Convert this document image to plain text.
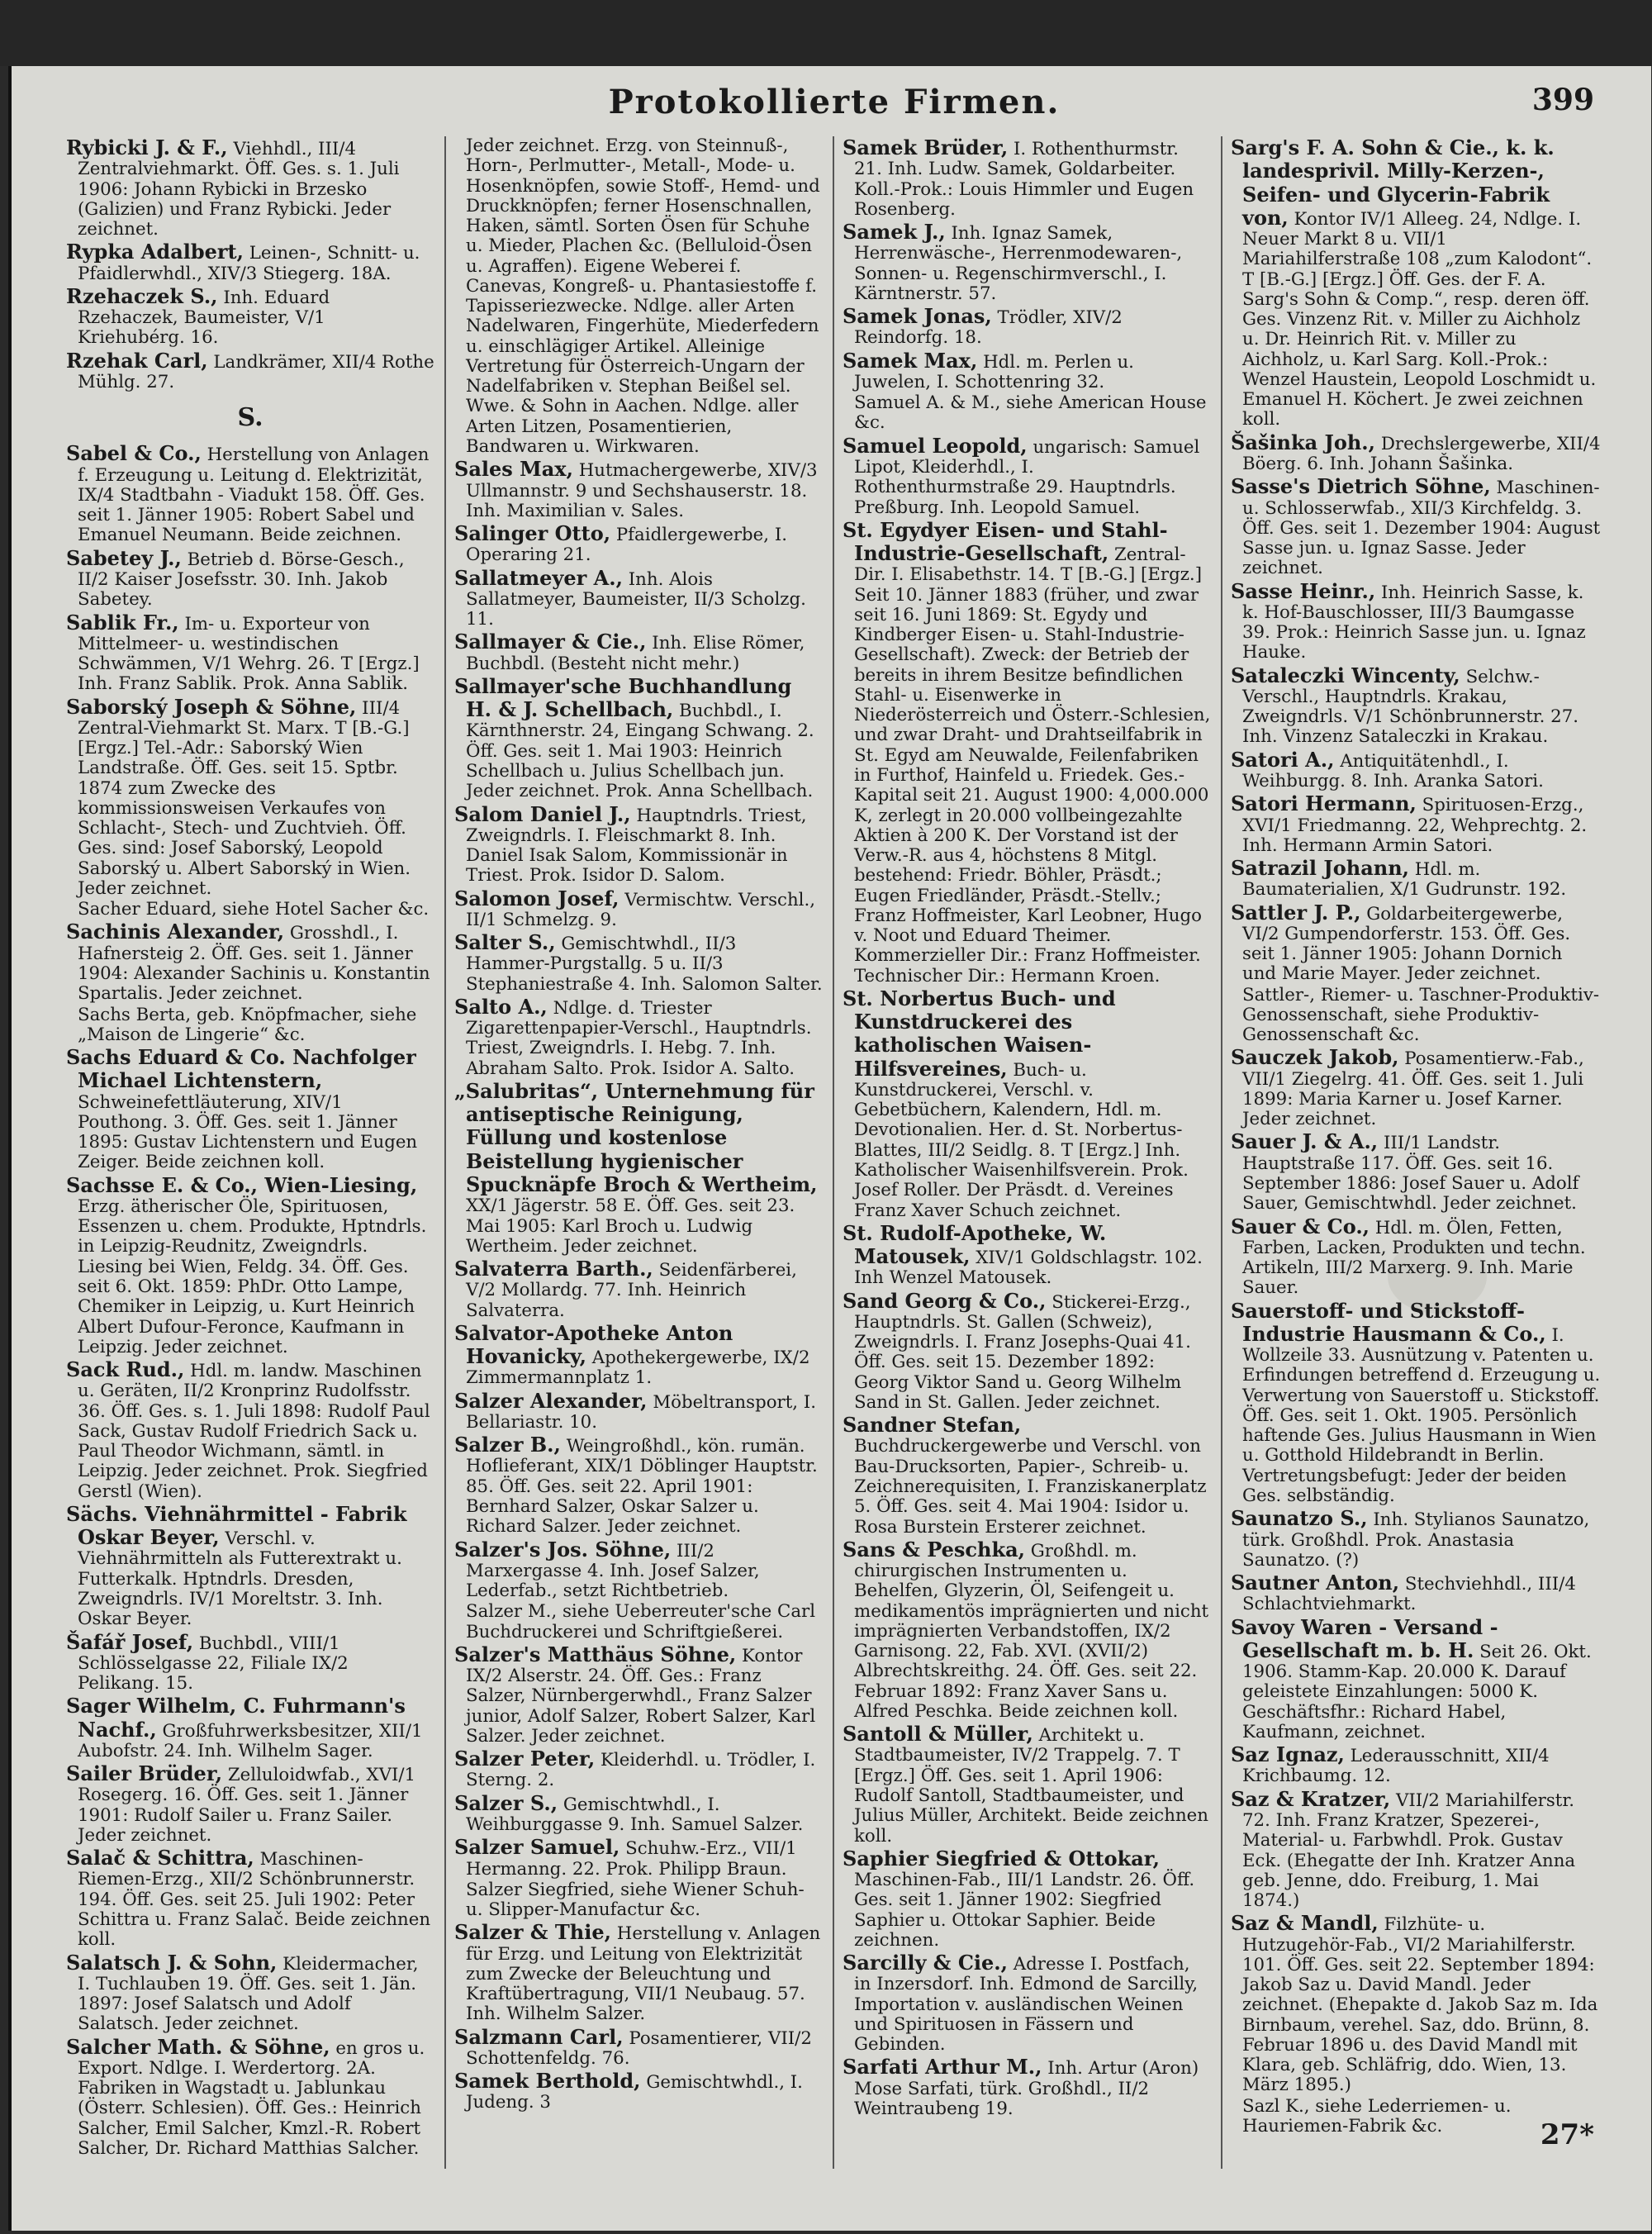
Protokollierte Firmen.	399
Rybicki J. & F., Viehhdl., III/4 Zentralviehmarkt. Öff. Ges. s. 1. Juli 1906: Johann Rybicki in Brzesko (Galizien) und Franz Rybicki. Jeder zeichnet.
Rypka Adalbert, Leinen-, Schnitt- u. Pfaidlerwhdl., XIV/3 Stiegerg. 18A.
Rzehaczek S., Inh. Eduard Rzehaczek, Baumeister, V/1 Kriehubérg. 16.
Rzehak Carl, Landkrämer, XII/4 Rothe Mühlg. 27.
S.
Sabel & Co., Herstellung von Anlagen f. Erzeugung u. Leitung d. Elektrizität, IX/4 Stadtbahn - Viadukt 158. Öff. Ges. seit 1. Jänner 1905: Robert Sabel und Emanuel Neumann. Beide zeichnen.
Sabetey J., Betrieb d. Börse-Gesch., II/2 Kaiser Josefsstr. 30. Inh. Jakob Sabetey.
Sablik Fr., Im- u. Exporteur von Mittelmeer- u. westindischen Schwämmen, V/1 Wehrg. 26. T [Ergz.] Inh. Franz Sablik. Prok. Anna Sablik.
Saborský Joseph & Söhne, III/4 Zentral-Viehmarkt St. Marx. T [B.-G.] [Ergz.] Tel.-Adr.: Saborský Wien Landstraße. Öff. Ges. seit 15. Sptbr. 1874 zum Zwecke des kommissionsweisen Verkaufes von Schlacht-, Stech- und Zuchtvieh. Öff. Ges. sind: Josef Saborský, Leopold Saborský u. Albert Saborský in Wien. Jeder zeichnet.
Sacher Eduard, siehe Hotel Sacher &c.
Sachinis Alexander, Grosshdl., I. Hafnersteig 2. Öff. Ges. seit 1. Jänner 1904: Alexander Sachinis u. Konstantin Spartalis. Jeder zeichnet.
Sachs Berta, geb. Knöpfmacher, siehe „Maison de Lingerie“ &c.
Sachs Eduard & Co. Nachfolger Michael Lichtenstern, Schweinefettläuterung, XIV/1 Pouthong. 3. Öff. Ges. seit 1. Jänner 1895: Gustav Lichtenstern und Eugen Zeiger. Beide zeichnen koll.
Sachsse E. & Co., Wien-Liesing, Erzg. ätherischer Öle, Spirituosen, Essenzen u. chem. Produkte, Hptndrls. in Leipzig-Reudnitz, Zweigndrls. Liesing bei Wien, Feldg. 34. Öff. Ges. seit 6. Okt. 1859: PhDr. Otto Lampe, Chemiker in Leipzig, u. Kurt Heinrich Albert Dufour-Feronce, Kaufmann in Leipzig. Jeder zeichnet.
Sack Rud., Hdl. m. landw. Maschinen u. Geräten, II/2 Kronprinz Rudolfsstr. 36. Öff. Ges. s. 1. Juli 1898: Rudolf Paul Sack, Gustav Rudolf Friedrich Sack u. Paul Theodor Wichmann, sämtl. in Leipzig. Jeder zeichnet. Prok. Siegfried Gerstl (Wien).
Sächs. Viehnährmittel - Fabrik Oskar Beyer, Verschl. v. Viehnährmitteln als Futterextrakt u. Futterkalk. Hptndrls. Dresden, Zweigndrls. IV/1 Moreltstr. 3. Inh. Oskar Beyer.
Šafář Josef, Buchbdl., VIII/1 Schlösselgasse 22, Filiale IX/2 Pelikang. 15.
Sager Wilhelm, C. Fuhrmann's Nachf., Großfuhrwerksbesitzer, XII/1 Aubofstr. 24. Inh. Wilhelm Sager.
Sailer Brüder, Zelluloidwfab., XVI/1 Rosegerg. 16. Öff. Ges. seit 1. Jänner 1901: Rudolf Sailer u. Franz Sailer. Jeder zeichnet.
Salač & Schittra, Maschinen-Riemen-Erzg., XII/2 Schönbrunnerstr. 194. Öff. Ges. seit 25. Juli 1902: Peter Schittra u. Franz Salač. Beide zeichnen koll.
Salatsch J. & Sohn, Kleidermacher, I. Tuchlauben 19. Öff. Ges. seit 1. Jän. 1897: Josef Salatsch und Adolf Salatsch. Jeder zeichnet.
Salcher Math. & Söhne, en gros u. Export. Ndlge. I. Werdertorg. 2A. Fabriken in Wagstadt u. Jablunkau (Österr. Schlesien). Öff. Ges.: Heinrich Salcher, Emil Salcher, Kmzl.-R. Robert Salcher, Dr. Richard Matthias Salcher.
Jeder zeichnet. Erzg. von Steinnuß-, Horn-, Perlmutter-, Metall-, Mode- u. Hosenknöpfen, sowie Stoff-, Hemd- und Druckknöpfen; ferner Hosenschnallen, Haken, sämtl. Sorten Ösen für Schuhe u. Mieder, Plachen &c. (Belluloid-Ösen u. Agraffen). Eigene Weberei f. Canevas, Kongreß- u. Phantasiestoffe f. Tapisseriezwecke. Ndlge. aller Arten Nadelwaren, Fingerhüte, Miederfedern u. einschlägiger Artikel. Alleinige Vertretung für Österreich-Ungarn der Nadelfabriken v. Stephan Beißel sel. Wwe. & Sohn in Aachen. Ndlge. aller Arten Litzen, Posamentierien, Bandwaren u. Wirkwaren.
Sales Max, Hutmachergewerbe, XIV/3 Ullmannstr. 9 und Sechshauserstr. 18. Inh. Maximilian v. Sales.
Salinger Otto, Pfaidlergewerbe, I. Operaring 21.
Sallatmeyer A., Inh. Alois Sallatmeyer, Baumeister, II/3 Scholzg. 11.
Sallmayer & Cie., Inh. Elise Römer, Buchbdl. (Besteht nicht mehr.)
Sallmayer'sche Buchhandlung H. & J. Schellbach, Buchbdl., I. Kärnthnerstr. 24, Eingang Schwang. 2. Öff. Ges. seit 1. Mai 1903: Heinrich Schellbach u. Julius Schellbach jun. Jeder zeichnet. Prok. Anna Schellbach.
Salom Daniel J., Hauptndrls. Triest, Zweigndrls. I. Fleischmarkt 8. Inh. Daniel Isak Salom, Kommissionär in Triest. Prok. Isidor D. Salom.
Salomon Josef, Vermischtw. Verschl., II/1 Schmelzg. 9.
Salter S., Gemischtwhdl., II/3 Hammer-Purgstallg. 5 u. II/3 Stephaniestraße 4. Inh. Salomon Salter.
Salto A., Ndlge. d. Triester Zigarettenpapier-Verschl., Hauptndrls. Triest, Zweigndrls. I. Hebg. 7. Inh. Abraham Salto. Prok. Isidor A. Salto.
„Salubritas“, Unternehmung für antiseptische Reinigung, Füllung und kostenlose Beistellung hygienischer Spucknäpfe Broch & Wertheim, XX/1 Jägerstr. 58 E. Öff. Ges. seit 23. Mai 1905: Karl Broch u. Ludwig Wertheim. Jeder zeichnet.
Salvaterra Barth., Seidenfärberei, V/2 Mollardg. 77. Inh. Heinrich Salvaterra.
Salvator-Apotheke Anton Hovanicky, Apothekergewerbe, IX/2 Zimmermannplatz 1.
Salzer Alexander, Möbeltransport, I. Bellariastr. 10.
Salzer B., Weingroßhdl., kön. rumän. Hoflieferant, XIX/1 Döblinger Hauptstr. 85. Öff. Ges. seit 22. April 1901: Bernhard Salzer, Oskar Salzer u. Richard Salzer. Jeder zeichnet.
Salzer's Jos. Söhne, III/2 Marxergasse 4. Inh. Josef Salzer, Lederfab., setzt Richtbetrieb.
Salzer M., siehe Ueberreuter'sche Carl Buchdruckerei und Schriftgießerei.
Salzer's Matthäus Söhne, Kontor IX/2 Alserstr. 24. Öff. Ges.: Franz Salzer, Nürnbergerwhdl., Franz Salzer junior, Adolf Salzer, Robert Salzer, Karl Salzer. Jeder zeichnet.
Salzer Peter, Kleiderhdl. u. Trödler, I. Sterng. 2.
Salzer S., Gemischtwhdl., I. Weihburggasse 9. Inh. Samuel Salzer.
Salzer Samuel, Schuhw.-Erz., VII/1 Hermanng. 22. Prok. Philipp Braun.
Salzer Siegfried, siehe Wiener Schuh- u. Slipper-Manufactur &c.
Salzer & Thie, Herstellung v. Anlagen für Erzg. und Leitung von Elektrizität zum Zwecke der Beleuchtung und Kraftübertragung, VII/1 Neubaug. 57. Inh. Wilhelm Salzer.
Salzmann Carl, Posamentierer, VII/2 Schottenfeldg. 76.
Samek Berthold, Gemischtwhdl., I. Judeng. 3
Samek Brüder, I. Rothenthurmstr. 21. Inh. Ludw. Samek, Goldarbeiter. Koll.-Prok.: Louis Himmler und Eugen Rosenberg.
Samek J., Inh. Ignaz Samek, Herrenwäsche-, Herrenmodewaren-, Sonnen- u. Regenschirmverschl., I. Kärntnerstr. 57.
Samek Jonas, Trödler, XIV/2 Reindorfg. 18.
Samek Max, Hdl. m. Perlen u. Juwelen, I. Schottenring 32.
Samuel A. & M., siehe American House &c.
Samuel Leopold, ungarisch: Samuel Lipot, Kleiderhdl., I. Rothenthurmstraße 29. Hauptndrls. Preßburg. Inh. Leopold Samuel.
St. Egydyer Eisen- und Stahl-Industrie-Gesellschaft, Zentral-Dir. I. Elisabethstr. 14. T [B.-G.] [Ergz.] Seit 10. Jänner 1883 (früher, und zwar seit 16. Juni 1869: St. Egydy und Kindberger Eisen- u. Stahl-Industrie-Gesellschaft). Zweck: der Betrieb der bereits in ihrem Besitze befindlichen Stahl- u. Eisenwerke in Niederösterreich und Österr.-Schlesien, und zwar Draht- und Drahtseilfabrik in St. Egyd am Neuwalde, Feilenfabriken in Furthof, Hainfeld u. Friedek. Ges.-Kapital seit 21. August 1900: 4,000.000 K, zerlegt in 20.000 vollbeingezahlte Aktien à 200 K. Der Vorstand ist der Verw.-R. aus 4, höchstens 8 Mitgl. bestehend: Friedr. Böhler, Präsdt.; Eugen Friedländer, Präsdt.-Stellv.; Franz Hoffmeister, Karl Leobner, Hugo v. Noot und Eduard Theimer. Kommerzieller Dir.: Franz Hoffmeister. Technischer Dir.: Hermann Kroen.
St. Norbertus Buch- und Kunstdruckerei des katholischen Waisen-Hilfsvereines, Buch- u. Kunstdruckerei, Verschl. v. Gebetbüchern, Kalendern, Hdl. m. Devotionalien. Her. d. St. Norbertus-Blattes, III/2 Seidlg. 8. T [Ergz.] Inh. Katholischer Waisenhilfsverein. Prok. Josef Roller. Der Präsdt. d. Vereines Franz Xaver Schuch zeichnet.
St. Rudolf-Apotheke, W. Matousek, XIV/1 Goldschlagstr. 102. Inh Wenzel Matousek.
Sand Georg & Co., Stickerei-Erzg., Hauptndrls. St. Gallen (Schweiz), Zweigndrls. I. Franz Josephs-Quai 41. Öff. Ges. seit 15. Dezember 1892: Georg Viktor Sand u. Georg Wilhelm Sand in St. Gallen. Jeder zeichnet.
Sandner Stefan, Buchdruckergewerbe und Verschl. von Bau-Drucksorten, Papier-, Schreib- u. Zeichnerequisiten, I. Franziskanerplatz 5. Öff. Ges. seit 4. Mai 1904: Isidor u. Rosa Burstein Ersterer zeichnet.
Sans & Peschka, Großhdl. m. chirurgischen Instrumenten u. Behelfen, Glyzerin, Öl, Seifengeit u. medikamentös imprägnierten und nicht imprägnierten Verbandstoffen, IX/2 Garnisong. 22, Fab. XVI. (XVII/2) Albrechtskreithg. 24. Öff. Ges. seit 22. Februar 1892: Franz Xaver Sans u. Alfred Peschka. Beide zeichnen koll.
Santoll & Müller, Architekt u. Stadtbaumeister, IV/2 Trappelg. 7. T [Ergz.] Öff. Ges. seit 1. April 1906: Rudolf Santoll, Stadtbaumeister, und Julius Müller, Architekt. Beide zeichnen koll.
Saphier Siegfried & Ottokar, Maschinen-Fab., III/1 Landstr. 26. Öff. Ges. seit 1. Jänner 1902: Siegfried Saphier u. Ottokar Saphier. Beide zeichnen.
Sarcilly & Cie., Adresse I. Postfach, in Inzersdorf. Inh. Edmond de Sarcilly, Importation v. ausländischen Weinen und Spirituosen in Fässern und Gebinden.
Sarfati Arthur M., Inh. Artur (Aron) Mose Sarfati, türk. Großhdl., II/2 Weintraubeng 19.
Sarg's F. A. Sohn & Cie., k. k. landesprivil. Milly-Kerzen-, Seifen- und Glycerin-Fabrik von, Kontor IV/1 Alleeg. 24, Ndlge. I. Neuer Markt 8 u. VII/1 Mariahilferstraße 108 „zum Kalodont“. T [B.-G.] [Ergz.] Öff. Ges. der F. A. Sarg's Sohn & Comp.“, resp. deren öff. Ges. Vinzenz Rit. v. Miller zu Aichholz u. Dr. Heinrich Rit. v. Miller zu Aichholz, u. Karl Sarg. Koll.-Prok.: Wenzel Haustein, Leopold Loschmidt u. Emanuel H. Köchert. Je zwei zeichnen koll.
Šašinka Joh., Drechslergewerbe, XII/4 Böerg. 6. Inh. Johann Šašinka.
Sasse's Dietrich Söhne, Maschinen- u. Schlosserwfab., XII/3 Kirchfeldg. 3. Öff. Ges. seit 1. Dezember 1904: August Sasse jun. u. Ignaz Sasse. Jeder zeichnet.
Sasse Heinr., Inh. Heinrich Sasse, k. k. Hof-Bauschlosser, III/3 Baumgasse 39. Prok.: Heinrich Sasse jun. u. Ignaz Hauke.
Sataleczki Wincenty, Selchw.-Verschl., Hauptndrls. Krakau, Zweigndrls. V/1 Schönbrunnerstr. 27. Inh. Vinzenz Sataleczki in Krakau.
Satori A., Antiquitätenhdl., I. Weihburgg. 8. Inh. Aranka Satori.
Satori Hermann, Spirituosen-Erzg., XVI/1 Friedmanng. 22, Wehprechtg. 2. Inh. Hermann Armin Satori.
Satrazil Johann, Hdl. m. Baumaterialien, X/1 Gudrunstr. 192.
Sattler J. P., Goldarbeitergewerbe, VI/2 Gumpendorferstr. 153. Öff. Ges. seit 1. Jänner 1905: Johann Dornich und Marie Mayer. Jeder zeichnet.
Sattler-, Riemer- u. Taschner-Produktiv-Genossenschaft, siehe Produktiv-Genossenschaft &c.
Sauczek Jakob, Posamentierw.-Fab., VII/1 Ziegelrg. 41. Öff. Ges. seit 1. Juli 1899: Maria Karner u. Josef Karner. Jeder zeichnet.
Sauer J. & A., III/1 Landstr. Hauptstraße 117. Öff. Ges. seit 16. September 1886: Josef Sauer u. Adolf Sauer, Gemischtwhdl. Jeder zeichnet.
Sauer & Co., Hdl. m. Ölen, Fetten, Farben, Lacken, Produkten und techn. Artikeln, III/2 Marxerg. 9. Inh. Marie Sauer.
Sauerstoff- und Stickstoff-Industrie Hausmann & Co., I. Wollzeile 33. Ausnützung v. Patenten u. Erfindungen betreffend d. Erzeugung u. Verwertung von Sauerstoff u. Stickstoff. Öff. Ges. seit 1. Okt. 1905. Persönlich haftende Ges. Julius Hausmann in Wien u. Gotthold Hildebrandt in Berlin. Vertretungsbefugt: Jeder der beiden Ges. selbständig.
Saunatzo S., Inh. Stylianos Saunatzo, türk. Großhdl. Prok. Anastasia Saunatzo. (?)
Sautner Anton, Stechviehhdl., III/4 Schlachtviehmarkt.
Savoy Waren - Versand - Gesellschaft m. b. H. Seit 26. Okt. 1906. Stamm-Kap. 20.000 K. Darauf geleistete Einzahlungen: 5000 K. Geschäftsfhr.: Richard Habel, Kaufmann, zeichnet.
Saz Ignaz, Lederausschnitt, XII/4 Krichbaumg. 12.
Saz & Kratzer, VII/2 Mariahilferstr. 72. Inh. Franz Kratzer, Spezerei-, Material- u. Farbwhdl. Prok. Gustav Eck. (Ehegatte der Inh. Kratzer Anna geb. Jenne, ddo. Freiburg, 1. Mai 1874.)
Saz & Mandl, Filzhüte- u. Hutzugehör-Fab., VI/2 Mariahilferstr. 101. Öff. Ges. seit 22. September 1894: Jakob Saz u. David Mandl. Jeder zeichnet. (Ehepakte d. Jakob Saz m. Ida Birnbaum, verehel. Saz, ddo. Brünn, 8. Februar 1896 u. des David Mandl mit Klara, geb. Schläfrig, ddo. Wien, 13. März 1895.)
Sazl K., siehe Lederriemen- u. Hauriemen-Fabrik &c.	27*
